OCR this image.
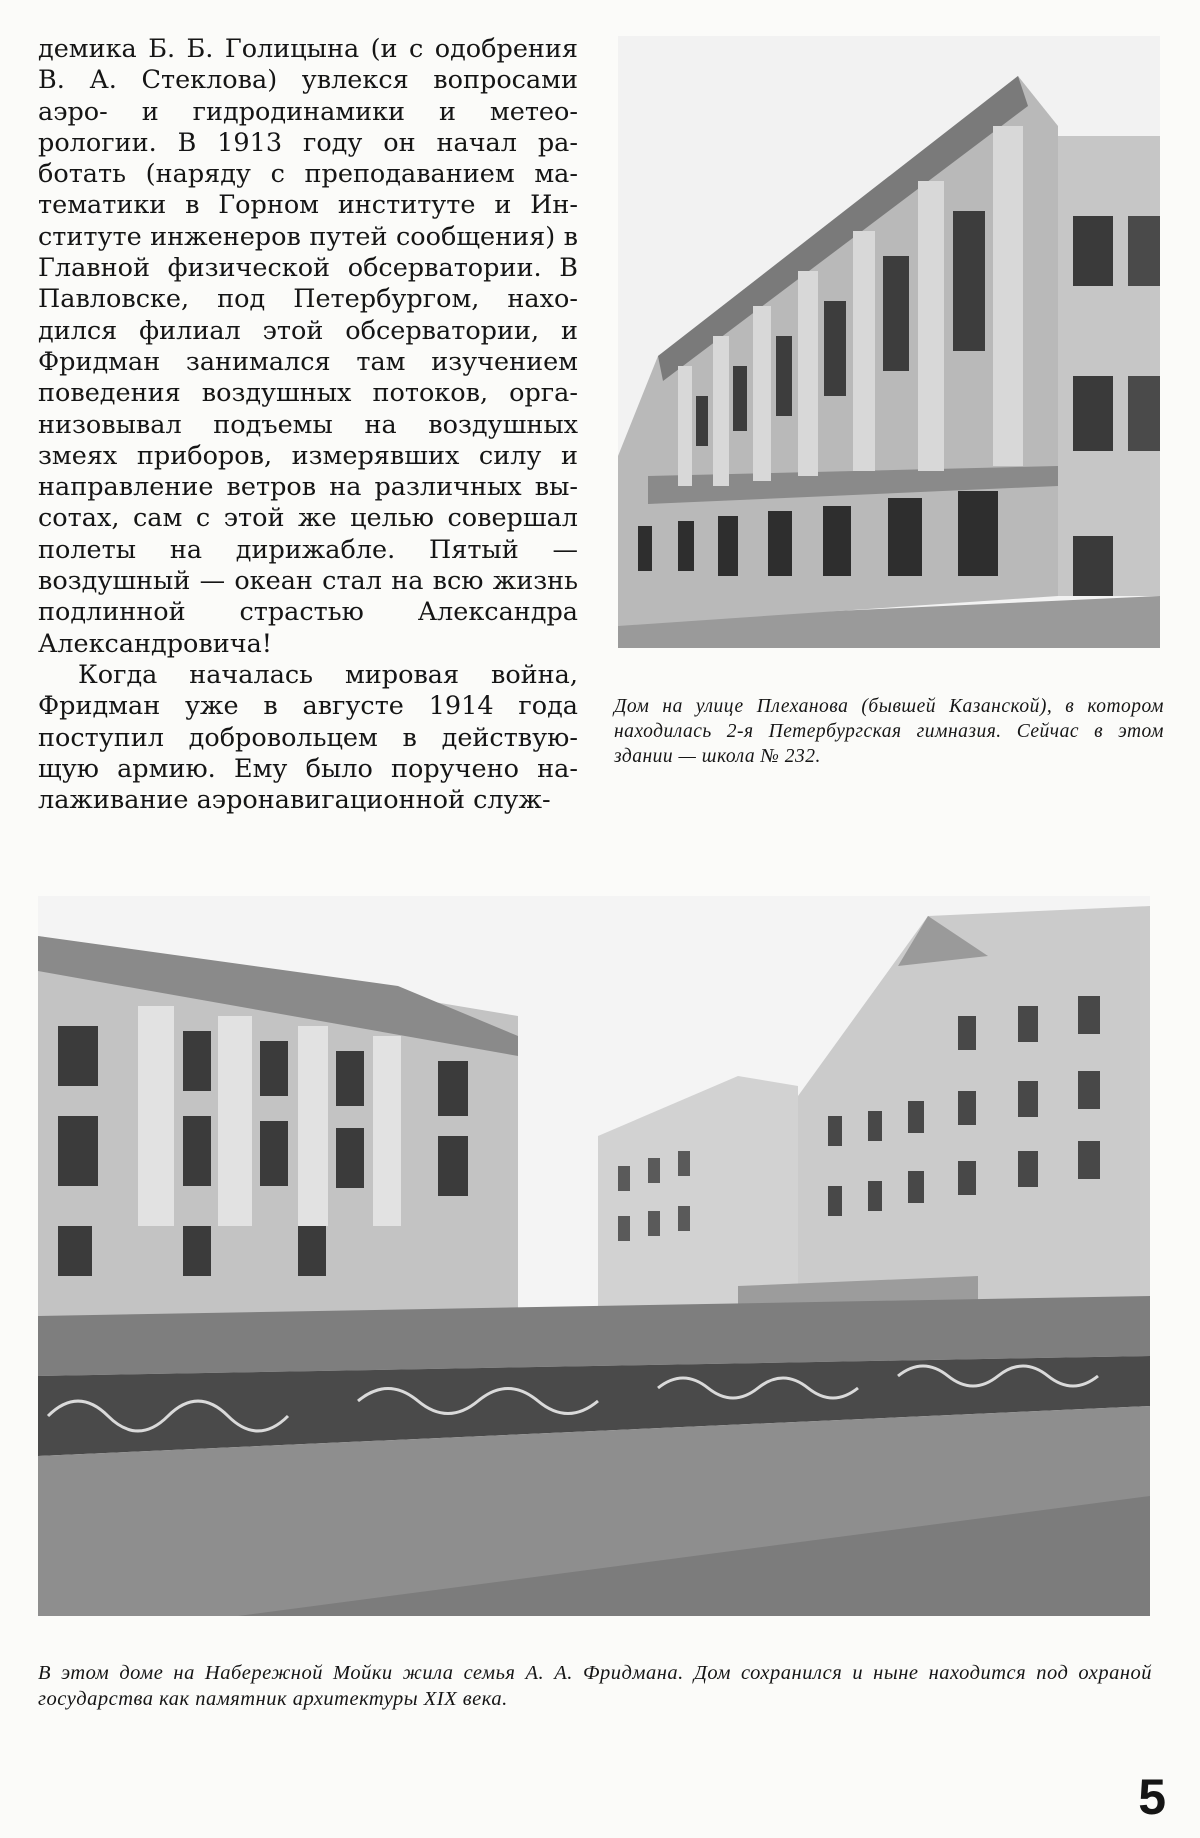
демика Б. Б. Голицына (и с одобрения В. А. Стеклова) увлекся вопросами аэро- и гидродинамики и метеорологии. В 1913 году он начал работать (наряду с преподаванием математики в Горном институте и Институте инженеров путей сообщения) в Главной физической обсерватории. В Павловске, под Петербургом, находился филиал этой обсерватории, и Фридман занимался там изучением поведения воздушных потоков, организовывал подъемы на воздушных змеях приборов, измерявших силу и направление ветров на различных высотах, сам с этой же целью совершал полеты на дирижабле. Пятый — воздушный — океан стал на всю жизнь подлинной страстью Александра Александровича!

Когда началась мировая война, Фридман уже в августе 1914 года поступил добровольцем в действующую армию. Ему было поручено налаживание аэронавигационной служ-

Дом на улице Плеханова (бывшей Казанской), в котором находилась 2-я Петербургская гимназия. Сейчас в этом здании — школа № 232.
В этом доме на Набережной Мойки жила семья А. А. Фридмана. Дом сохранился и ныне находится под охраной государства как памятник архитектуры XIX века.
5
